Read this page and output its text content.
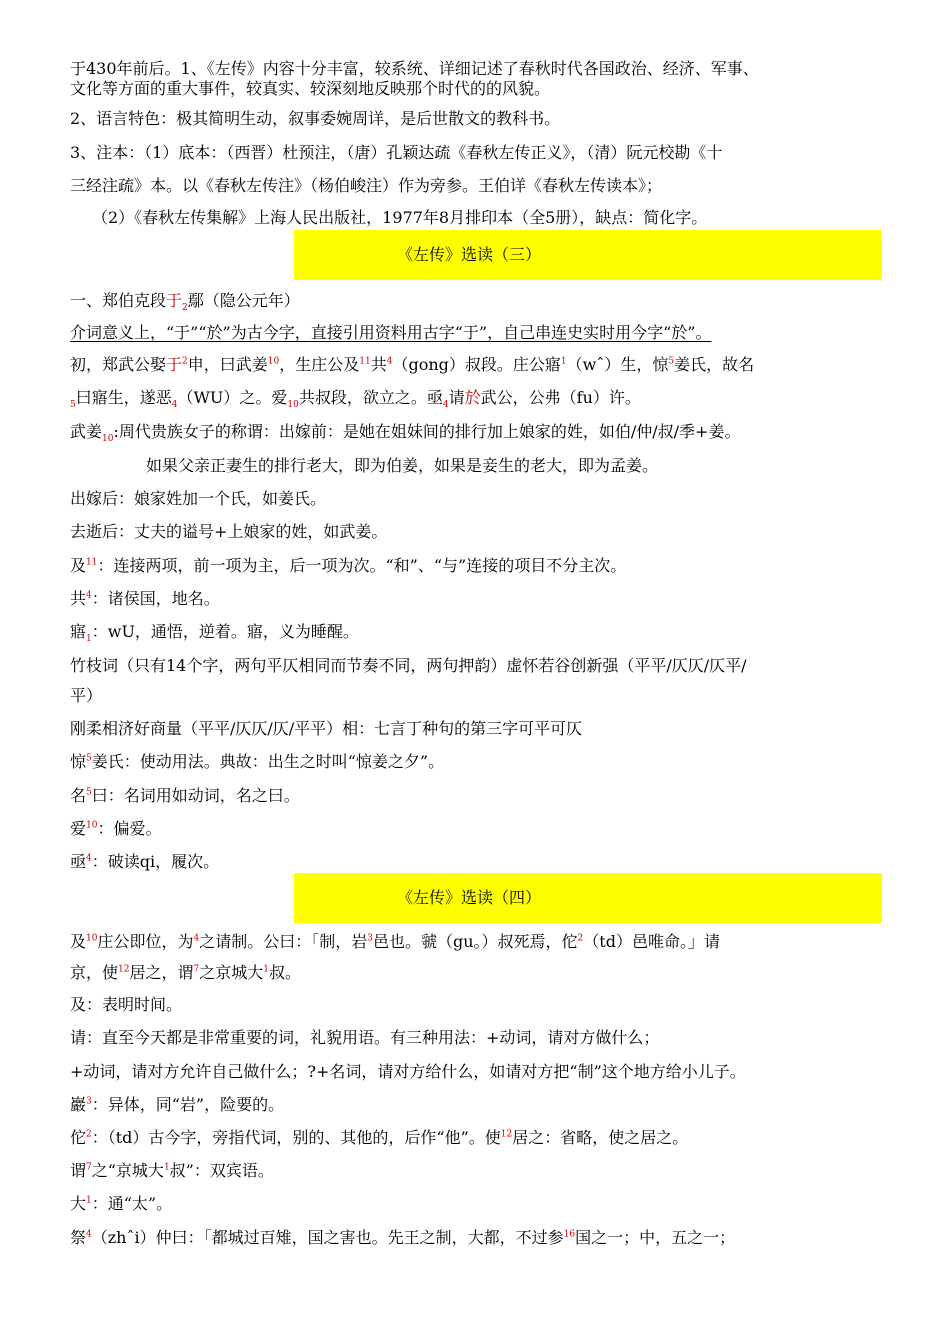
于430年前后。1、《左传》内容十分丰富，较系统、详细记述了春秋时代各国政治、经济、军事、
文化等方面的重大事件，较真实、较深刻地反映那个时代的的风貌。
2、语言特色：极其简明生动，叙事委婉周详，是后世散文的教科书。
3、注本：（1）底本：（西晋）杜预注，（唐）孔颖达疏《春秋左传正义》，（清）阮元校勘《十
三经注疏》本。以《春秋左传注》（杨伯峻注）作为旁参。王伯详《春秋左传读本》；
（2）《春秋左传集解》上海人民出版社，1977年8月排印本（全5册），缺点：简化字。
《左传》选读（三）
一、郑伯克段于$_2$鄢（隐公元年）
介词意义上，“于”“於”为古今字，直接引用资料用古字“于”，自己串连史实时用今字“於”。
初，郑武公娶于$^2$申，曰武姜$^{10}$，生庄公及$^{11}$共$^4$（gong）叔段。庄公寤$^1$（wˆ）生，惊$^5$姜氏，故名
$_5$曰寤生，遂恶$_4$（WU）之。爱$_{10}$共叔段，欲立之。亟$_4$请於武公，公弗（fu）许。
武姜$_{10}$:周代贵族女子的称谓：出嫁前：是她在姐妹间的排行加上娘家的姓，如伯/仲/叔/季+姜。
如果父亲正妻生的排行老大，即为伯姜，如果是妾生的老大，即为孟姜。
出嫁后：娘家姓加一个氏，如姜氏。
去逝后：丈夫的谥号+上娘家的姓，如武姜。
及$^{11}$：连接两项，前一项为主，后一项为次。“和”、“与”连接的项目不分主次。
共$^4$：诸侯国，地名。
寤$_1$：wU，通悟，逆着。寤，义为睡醒。
竹枝词（只有14个字，两句平仄相同而节奏不同，两句押韵）虚怀若谷创新强（平平/仄仄/仄平/
平）
刚柔相济好商量（平平/仄仄/仄/平平）相：七言丁种句的第三字可平可仄
惊$^5$姜氏：使动用法。典故：出生之时叫“惊姜之夕”。
名$^5$曰：名词用如动词，名之曰。
爱$^{10}$：偏爱。
亟$^4$：破读qi，履次。
《左传》选读（四）
及$^{10}$庄公即位，为$^4$之请制。公曰：「制，岩$^3$邑也。虢（gu。）叔死焉，佗$^2$（td）邑唯命。」请
京，使$^{12}$居之，谓$^7$之京城大$^1$叔。
及：表明时间。
请：直至今天都是非常重要的词，礼貌用语。有三种用法：+动词，请对方做什么；
+动词，请对方允许自己做什么；?+名词，请对方给什么，如请对方把“制”这个地方给小儿子。
巖$^3$：异体，同“岩”，险要的。
佗$^2$：（td）古今字，旁指代词，别的、其他的，后作“他”。使$^{12}$居之：省略，使之居之。
谓$^7$之“京城大$^1$叔”：双宾语。
大$^1$：通“太”。
祭$^4$（zhˆi）仲曰：「都城过百雉，国之害也。先王之制，大都，不过参$^{16}$国之一；中，五之一；
